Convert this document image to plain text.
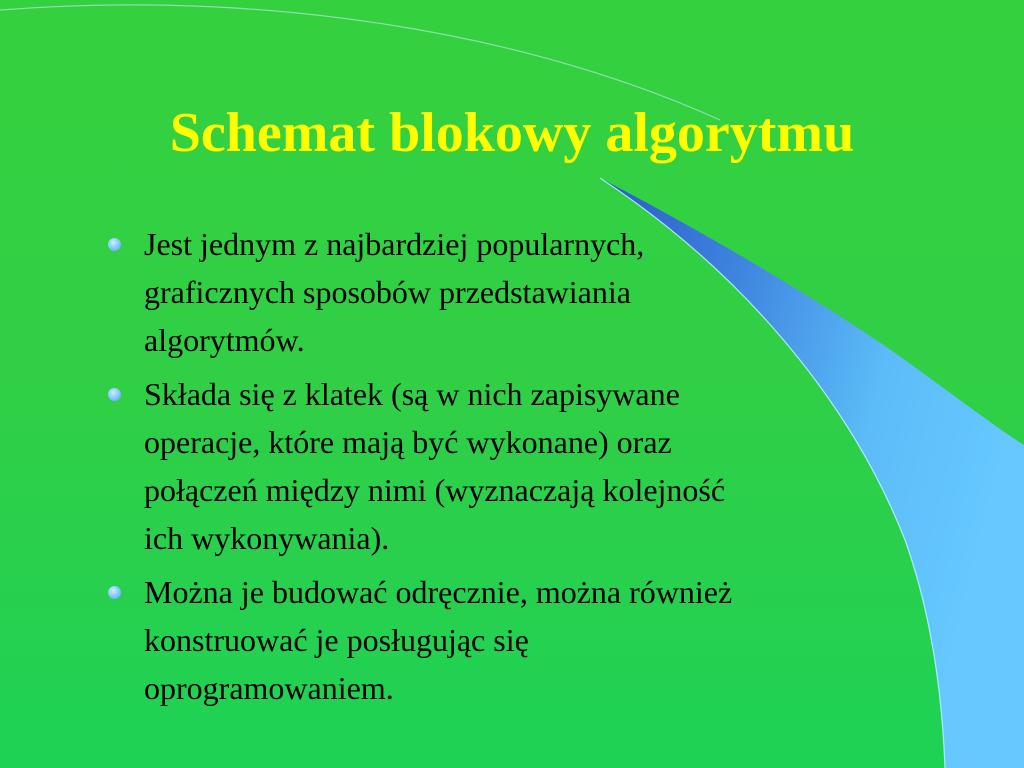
Schemat blokowy algorytmu
Jest jednym z najbardziej popularnych,
graficznych sposobów przedstawiania
algorytmów.
Składa się z klatek (są w nich zapisywane
operacje, które mają być wykonane) oraz
połączeń między nimi (wyznaczają kolejność
ich wykonywania).
Można je budować odręcznie, można również
konstruować je posługując się
oprogramowaniem.
